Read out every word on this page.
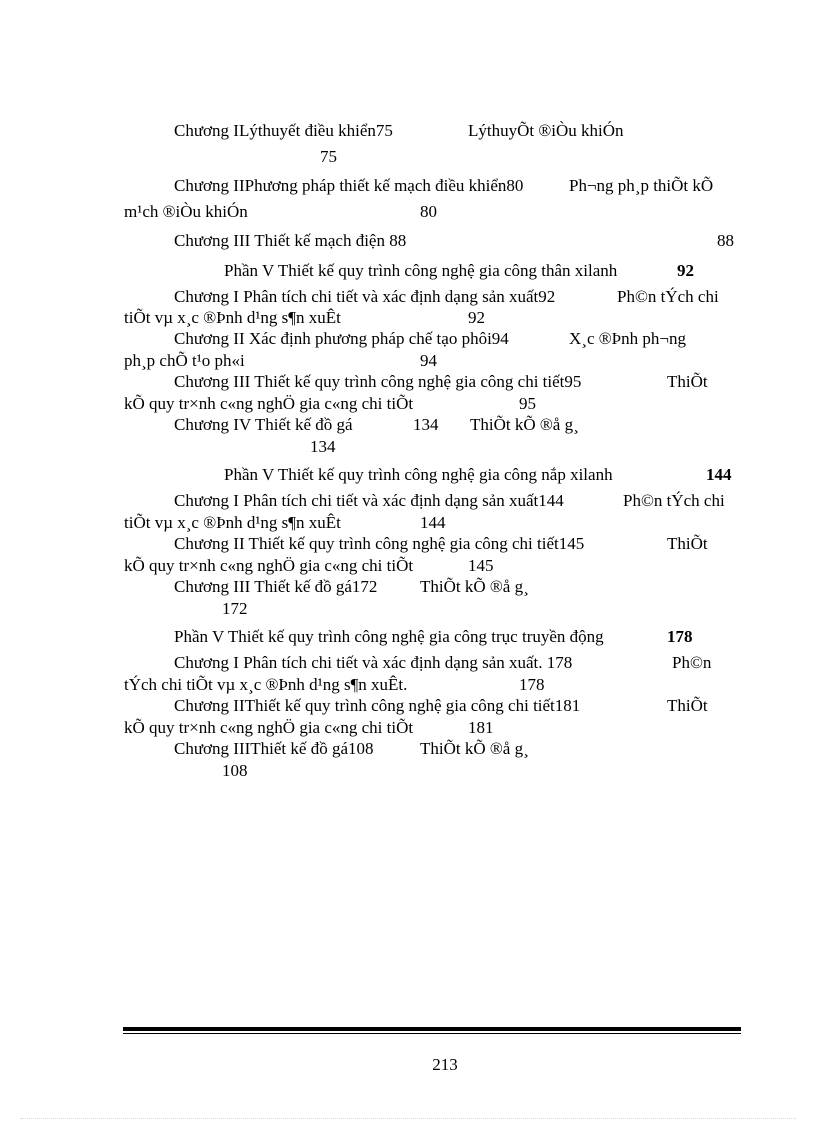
Chương ILýthuyết điều khiển75	LýthuyÕt ®iÒu khiÓn
75
Chương IIPhương pháp thiết kế mạch điều khiển80	Ph¬ng ph¸p thiÕt kÕ
m¹ch ®iÒu khiÓn	80
Chương III Thiết kế mạch điện 88	88
Phần V Thiết kế quy trình công nghệ gia công thân xilanh	92
Chương I Phân tích chi tiết và xác định dạng sản xuất92	Ph©n tÝch chi
tiÕt vµ x¸c ®Þnh d¹ng s¶n xuÊt	92
Chương II Xác định phương pháp chế tạo phôi94	X¸c ®Þnh ph¬ng
ph¸p chÕ t¹o ph«i	94
Chương III Thiết kế quy trình công nghệ gia công chi tiết95	ThiÕt
kÕ quy tr×nh c«ng nghÖ gia c«ng chi tiÕt	95
Chương IV Thiết kế đồ gá	134 ThiÕt kÕ ®å g¸
134
Phần V Thiết kế quy trình công nghệ gia công nắp xilanh	144
Chương I Phân tích chi tiết và xác định dạng sản xuất144	Ph©n tÝch chi
tiÕt vµ x¸c ®Þnh d¹ng s¶n xuÊt	144
Chương II Thiết kế quy trình công nghệ gia công chi tiết145	ThiÕt
kÕ quy tr×nh c«ng nghÖ gia c«ng chi tiÕt	145
Chương III Thiết kế đồ gá172	ThiÕt kÕ ®å g¸
172
Phần V Thiết kế quy trình công nghệ gia công trục truyền động	178
Chương I Phân tích chi tiết và xác định dạng sản xuất. 178	Ph©n
tÝch chi tiÕt vµ x¸c ®Þnh d¹ng s¶n xuÊt.	178
Chương IIThiết kế quy trình công nghệ gia công chi tiết181	ThiÕt
kÕ quy tr×nh c«ng nghÖ gia c«ng chi tiÕt	181
Chương IIIThiết kế đồ gá108	ThiÕt kÕ ®å g¸
108
213
